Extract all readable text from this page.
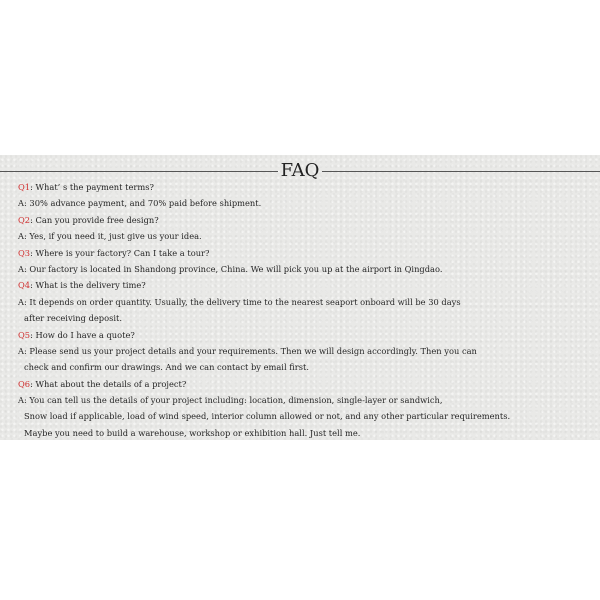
FAQ
Q1: What’ s the payment terms?
A: 30% advance payment, and 70% paid before shipment.
Q2: Can you provide free design?
A: Yes, if you need it, just give us your idea.
Q3: Where is your factory? Can I take a tour?
A: Our factory is located in Shandong province, China. We will pick you up at the airport in Qingdao.
Q4: What is the delivery time?
A: It depends on order quantity. Usually, the delivery time to the nearest seaport onboard will be 30 days
after receiving deposit.
Q5: How do I have a quote?
A: Please send us your project details and your requirements. Then we will design accordingly. Then you can
check and confirm our drawings. And we can contact by email first.
Q6: What about the details of a project?
A: You can tell us the details of your project including: location, dimension, single-layer or sandwich,
Snow load if applicable, load of wind speed, interior column allowed or not, and any other particular requirements.
Maybe you need to build a warehouse, workshop or exhibition hall. Just tell me.
